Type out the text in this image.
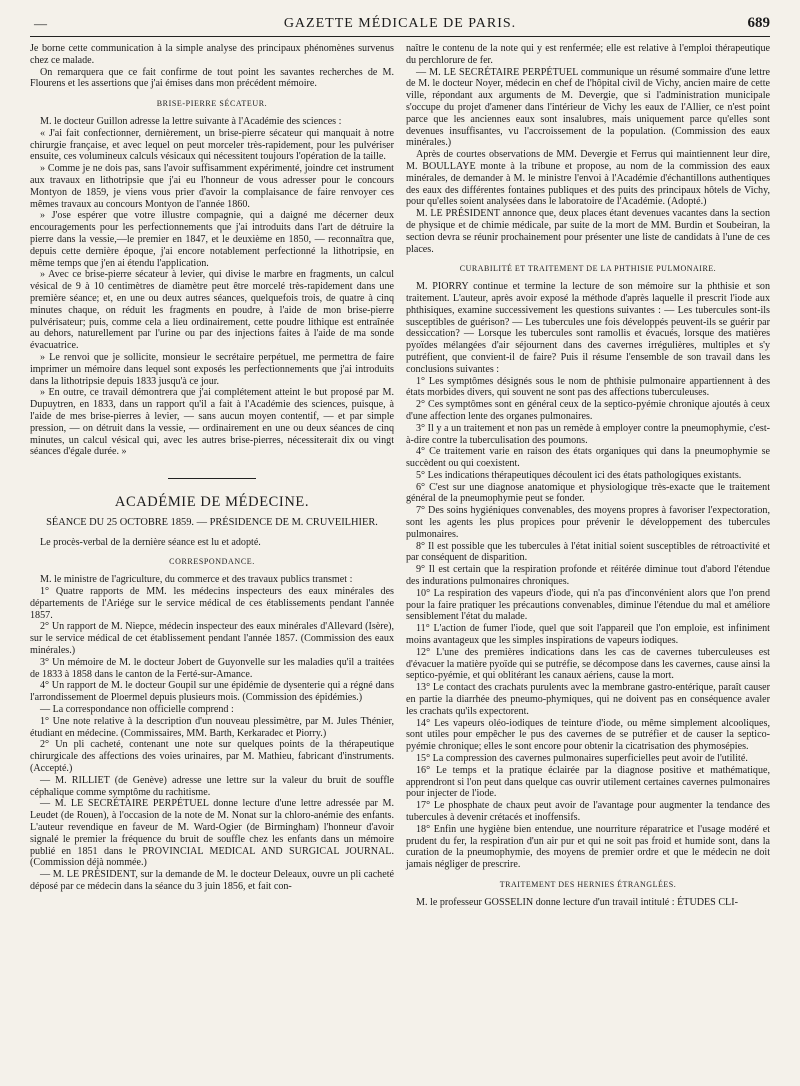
—	GAZETTE MÉDICALE DE PARIS.	689

Je borne cette communication à la simple analyse des principaux phénomènes survenus chez ce malade.

On remarquera que ce fait confirme de tout point les savantes recherches de M. Flourens et les assertions que j'ai émises dans mon précédent mémoire.

BRISE-PIERRE SÉCATEUR.

M. le docteur Guillon adresse la lettre suivante à l'Académie des sciences :

« J'ai fait confectionner, dernièrement, un brise-pierre sécateur qui manquait à notre chirurgie française, et avec lequel on peut morceler très-rapidement, pour les pulvériser ensuite, ces volumineux calculs vésicaux qui nécessitent toujours l'opération de la taille.

» Comme je ne dois pas, sans l'avoir suffisamment expérimenté, joindre cet instrument aux travaux en lithotripsie que j'ai eu l'honneur de vous adresser pour le concours Montyon de 1859, je viens vous prier d'avoir la complaisance de faire renvoyer ces mêmes travaux au concours Montyon de l'année 1860.

» J'ose espérer que votre illustre compagnie, qui a daigné me décerner deux encouragements pour les perfectionnements que j'ai introduits dans l'art de détruire la pierre dans la vessie,—le premier en 1847, et le deuxième en 1850, — reconnaîtra que, depuis cette dernière époque, j'ai encore notablement perfectionné la lithotripsie, en même temps que j'en ai étendu l'application.

» Avec ce brise-pierre sécateur à levier, qui divise le marbre en fragments, un calcul vésical de 9 à 10 centimètres de diamètre peut être morcelé très-rapidement dans une première séance; et, en une ou deux autres séances, quelquefois trois, de quatre à cinq minutes chaque, on réduit les fragments en poudre, à l'aide de mon brise-pierre pulvérisateur; puis, comme cela a lieu ordinairement, cette poudre lithique est entraînée au dehors, naturellement par l'urine ou par des injections faites à l'aide de ma sonde évacuatrice.

» Le renvoi que je sollicite, monsieur le secrétaire perpétuel, me permettra de faire imprimer un mémoire dans lequel sont exposés les perfectionnements que j'ai introduits dans la lithotripsie depuis 1833 jusqu'à ce jour.

» En outre, ce travail démontrera que j'ai complétement atteint le but proposé par M. Dupuytren, en 1833, dans un rapport qu'il a fait à l'Académie des sciences, puisque, à l'aide de mes brise-pierres à levier, — sans aucun moyen contentif, — et par simple pression, — on détruit dans la vessie, — ordinairement en une ou deux séances de cinq minutes, un calcul vésical qui, avec les autres brise-pierres, nécessiterait dix ou vingt séances d'égale durée. »

ACADÉMIE DE MÉDECINE.
SÉANCE DU 25 OCTOBRE 1859. — PRÉSIDENCE DE M. CRUVEILHIER.

Le procès-verbal de la dernière séance est lu et adopté.

CORRESPONDANCE.

M. le ministre de l'agriculture, du commerce et des travaux publics transmet :

1° Quatre rapports de MM. les médecins inspecteurs des eaux minérales des départements de l'Ariége sur le service médical de ces établissements pendant l'année 1857.

2° Un rapport de M. Niepce, médecin inspecteur des eaux minérales d'Allevard (Isère), sur le service médical de cet établissement pendant l'année 1857. (Commission des eaux minérales.)

3° Un mémoire de M. le docteur Jobert de Guyonvelle sur les maladies qu'il a traitées de 1833 à 1858 dans le canton de la Ferté-sur-Amance.

4° Un rapport de M. le docteur Goupil sur une épidémie de dysenterie qui a régné dans l'arrondissement de Ploermel depuis plusieurs mois. (Commission des épidémies.)

— La correspondance non officielle comprend :

1° Une note relative à la description d'un nouveau plessimètre, par M. Jules Thénier, étudiant en médecine. (Commissaires, MM. Barth, Kerkaradec et Piorry.)

2° Un pli cacheté, contenant une note sur quelques points de la thérapeutique chirurgicale des affections des voies urinaires, par M. Mathieu, fabricant d'instruments. (Accepté.)

— M. RILLIET (de Genève) adresse une lettre sur la valeur du bruit de souffle céphalique comme symptôme du rachitisme.

— M. LE SECRÉTAIRE PERPÉTUEL donne lecture d'une lettre adressée par M. Leudet (de Rouen), à l'occasion de la note de M. Nonat sur la chloro-anémie des enfants. L'auteur revendique en faveur de M. Ward-Ogier (de Birmingham) l'honneur d'avoir signalé le premier la fréquence du bruit de souffle chez les enfants dans un mémoire publié en 1851 dans le PROVINCIAL MEDICAL AND SURGICAL JOURNAL. (Commission déjà nommée.)

— M. LE PRÉSIDENT, sur la demande de M. le docteur Deleaux, ouvre un pli cacheté déposé par ce médecin dans la séance du 3 juin 1856, et fait con-

naître le contenu de la note qui y est renfermée; elle est relative à l'emploi thérapeutique du perchlorure de fer.

— M. LE SECRÉTAIRE PERPÉTUEL communique un résumé sommaire d'une lettre de M. le docteur Noyer, médecin en chef de l'hôpital civil de Vichy, ancien maire de cette ville, répondant aux arguments de M. Devergie, que si l'administration municipale s'occupe du projet d'amener dans l'intérieur de Vichy les eaux de l'Allier, ce n'est point parce que les anciennes eaux sont insalubres, mais uniquement parce qu'elles sont devenues insuffisantes, vu l'accroissement de la population. (Commission des eaux minérales.)

Après de courtes observations de MM. Devergie et Ferrus qui maintiennent leur dire, M. BOULLAYE monte à la tribune et propose, au nom de la commission des eaux minérales, de demander à M. le ministre l'envoi à l'Académie d'échantillons authentiques des eaux des différentes fontaines publiques et des puits des principaux hôtels de Vichy, pour qu'elles soient analysées dans le laboratoire de l'Académie. (Adopté.)

M. LE PRÉSIDENT annonce que, deux places étant devenues vacantes dans la section de physique et de chimie médicale, par suite de la mort de MM. Burdin et Soubeiran, la section devra se réunir prochainement pour présenter une liste de candidats à l'une de ces places.

CURABILITÉ ET TRAITEMENT DE LA PHTHISIE PULMONAIRE.

M. PIORRY continue et termine la lecture de son mémoire sur la phthisie et son traitement. L'auteur, après avoir exposé la méthode d'après laquelle il prescrit l'iode aux phthisiques, examine successivement les questions suivantes : — Les tubercules sont-ils susceptibles de guérison? — Les tubercules une fois développés peuvent-ils se guérir par dessiccation? — Lorsque les tubercules sont ramollis et évacués, lorsque des matières pyoïdes mélangées d'air séjournent dans des cavernes irrégulières, multiples et s'y putréfient, que convient-il de faire? Puis il résume l'ensemble de son travail dans les conclusions suivantes :

1° Les symptômes désignés sous le nom de phthisie pulmonaire appartiennent à des états morbides divers, qui souvent ne sont pas des affections tuberculeuses.

2° Ces symptômes sont en général ceux de la septico-pyémie chronique ajoutés à ceux d'une affection lente des organes pulmonaires.

3° Il y a un traitement et non pas un remède à employer contre la pneumophymie, c'est-à-dire contre la tuberculisation des poumons.

4° Ce traitement varie en raison des états organiques qui dans la pneumophymie se succèdent ou qui coexistent.

5° Les indications thérapeutiques découlent ici des états pathologiques existants.

6° C'est sur une diagnose anatomique et physiologique très-exacte que le traitement général de la pneumophymie peut se fonder.

7° Des soins hygiéniques convenables, des moyens propres à favoriser l'expectoration, sont les agents les plus propices pour prévenir le développement des tubercules pulmonaires.

8° Il est possible que les tubercules à l'état initial soient susceptibles de rétroactivité et par conséquent de disparition.

9° Il est certain que la respiration profonde et réitérée diminue tout d'abord l'étendue des indurations pulmonaires chroniques.

10° La respiration des vapeurs d'iode, qui n'a pas d'inconvénient alors que l'on prend pour la faire pratiquer les précautions convenables, diminue l'étendue du mal et améliore sensiblement l'état du malade.

11° L'action de fumer l'iode, quel que soit l'appareil que l'on emploie, est infiniment moins avantageux que les simples inspirations de vapeurs iodiques.

12° L'une des premières indications dans les cas de cavernes tuberculeuses est d'évacuer la matière pyoïde qui se putréfie, se décompose dans les cavernes, cause ainsi la septico-pyémie, et qui oblitérant les canaux aériens, cause la mort.

13° Le contact des crachats purulents avec la membrane gastro-entérique, paraît causer en partie la diarrhée des pneumo-phymiques, qui ne doivent pas en conséquence avaler les crachats qu'ils expectorent.

14° Les vapeurs oléo-iodiques de teinture d'iode, ou même simplement alcooliques, sont utiles pour empêcher le pus des cavernes de se putréfier et de causer la septico-pyémie chronique; elles le sont encore pour obtenir la cicatrisation des phymosépies.

15° La compression des cavernes pulmonaires superficielles peut avoir de l'utilité.

16° Le temps et la pratique éclairée par la diagnose positive et mathématique, apprendront si l'on peut dans quelque cas ouvrir utilement certaines cavernes pulmonaires pour injecter de l'iode.

17° Le phosphate de chaux peut avoir de l'avantage pour augmenter la tendance des tubercules à devenir crétacés et inoffensifs.

18° Enfin une hygiène bien entendue, une nourriture réparatrice et l'usage modéré et prudent du fer, la respiration d'un air pur et qui ne soit pas froid et humide sont, dans la curation de la pneumophymie, des moyens de premier ordre et que le médecin ne doit jamais négliger de prescrire.

TRAITEMENT DES HERNIES ÉTRANGLÉES.

M. le professeur GOSSELIN donne lecture d'un travail intitulé : ÉTUDES CLI-
